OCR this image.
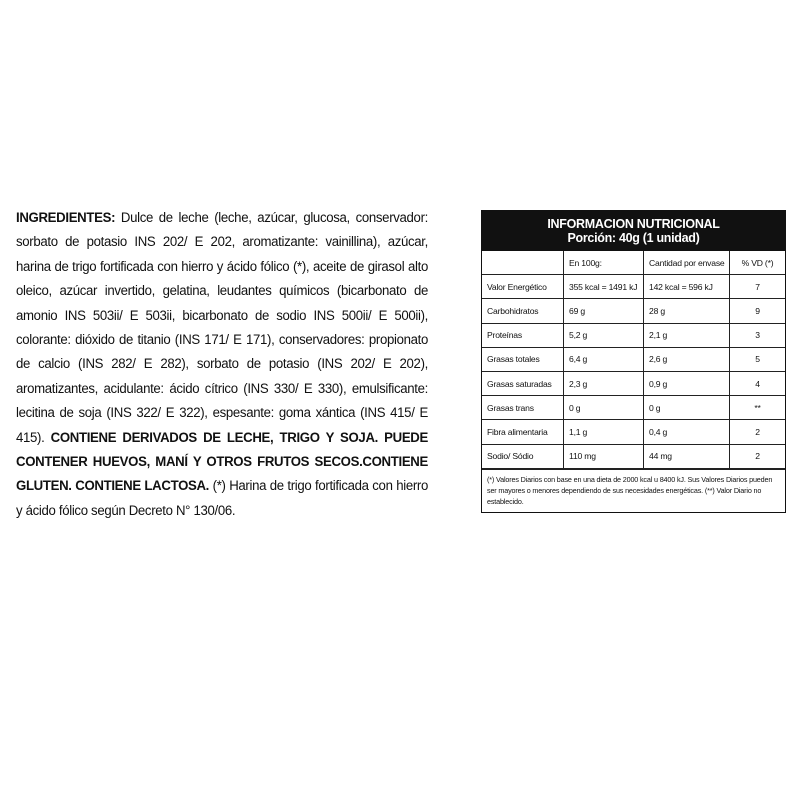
INGREDIENTES: Dulce de leche (leche, azúcar, glucosa, conservador: sorbato de potasio INS 202/ E 202, aromatizante: vainillina), azúcar, harina de trigo fortificada con hierro y ácido fólico (*), aceite de girasol alto oleico, azúcar invertido, gelatina, leudantes químicos (bicarbonato de amonio INS 503ii/ E 503ii, bicarbonato de sodio INS 500ii/ E 500ii), colorante: dióxido de titanio (INS 171/ E 171), conservadores: propionato de calcio (INS 282/ E 282), sorbato de potasio (INS 202/ E 202), aromatizantes, acidulante: ácido cítrico (INS 330/ E 330), emulsificante: lecitina de soja (INS 322/ E 322), espesante: goma xántica (INS 415/ E 415). CONTIENE DERIVADOS DE LECHE, TRIGO Y SOJA. PUEDE CONTENER HUEVOS, MANÍ Y OTROS FRUTOS SECOS.CONTIENE GLUTEN. CONTIENE LACTOSA. (*) Harina de trigo fortificada con hierro y ácido fólico según Decreto N° 130/06.

INFORMACION NUTRICIONAL
Porción: 40g (1 unidad)
	En 100g:	Cantidad por envase	% VD (*)
Valor Energético	355 kcal = 1491 kJ	142 kcal = 596 kJ	7
Carbohidratos	69 g	28 g	9
Proteínas	5,2 g	2,1 g	3
Grasas totales	6,4 g	2,6 g	5
Grasas saturadas	2,3 g	0,9 g	4
Grasas trans	0 g	0 g	**
Fibra alimentaria	1,1 g	0,4 g	2
Sodio/ Sódio	110 mg	44 mg	2
(*) Valores Diarios con base en una dieta de 2000 kcal u 8400 kJ. Sus Valores Diarios pueden ser mayores o menores dependiendo de sus necesidades energéticas. (**) Valor Diario no establecido.
